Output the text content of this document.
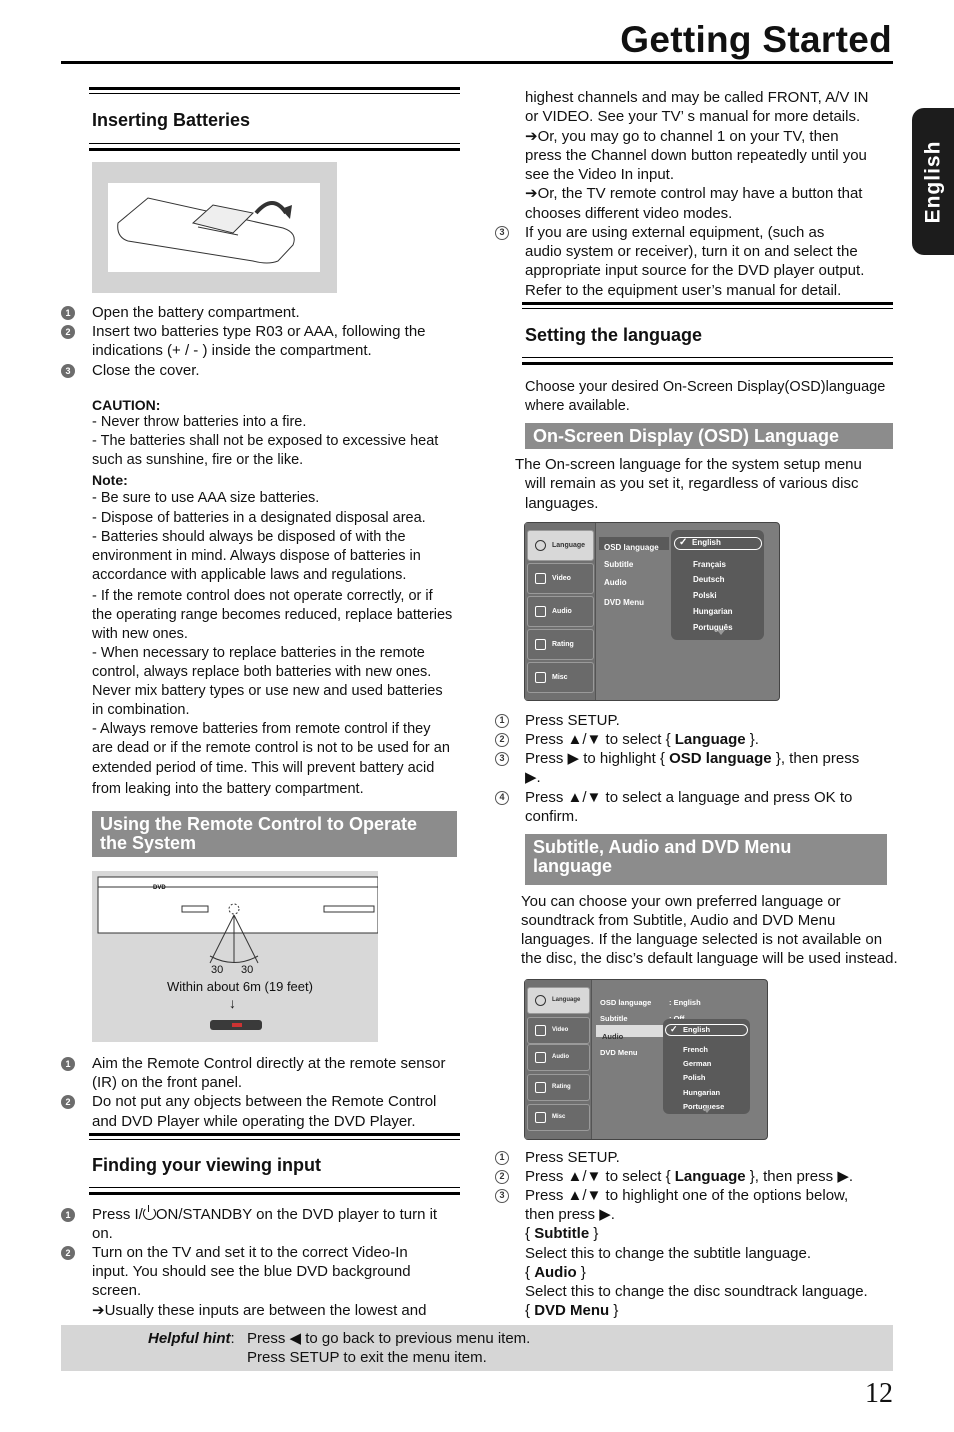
Getting Started
English
Inserting Batteries
1	Open the battery compartment.
2	Insert two batteries type R03 or AAA, following the
indications (+ / - ) inside the compartment.
3	Close the cover.
CAUTION:
- Never throw batteries into a fire.
- The batteries shall not be exposed to excessive heat
such as sunshine, fire or the like.
Note:
- Be sure to use AAA size batteries.
- Dispose of batteries in a designated disposal area.
- Batteries should always be disposed of with the
environment in mind. Always dispose of batteries in
accordance with applicable laws and regulations.
- If the remote control does not operate correctly, or if
the operating range becomes reduced, replace batteries
with new ones.
- When necessary to replace batteries in the remote
control, always replace both batteries with new ones.
Never mix battery types or use new and used batteries
in combination.
- Always remove batteries from remote control if they
are dead or if the remote control is not to be used for an
extended period of time. This will prevent battery acid
from leaking into the battery compartment.
Using the Remote Control to Operate
the System
DVD
30 30
Within about 6m (19 feet)
↓
1	Aim the Remote Control directly at the remote sensor
(IR) on the front panel.
2	Do not put any objects between the Remote Control
and DVD Player while operating the DVD Player.
Finding your viewing input
1	Press I/ ON/STANDBY on the DVD player to turn it
on.
2	Turn on the TV and set it to the correct Video-In
input. You should see the blue DVD background
screen.
➔Usually these inputs are between the lowest and
highest channels and may be called FRONT, A/V IN
or VIDEO. See your TV’ s manual for more details.
➔Or, you may go to channel 1 on your TV, then
press the Channel down button repeatedly until you
see the Video In input.
➔Or, the TV remote control may have a button that
chooses different video modes.
3	If you are using external equipment, (such as
audio system or receiver), turn it on and select the
appropriate input source for the DVD player output.
Refer to the equipment user’s manual for detail.
Setting the language
Choose your desired On-Screen Display(OSD)language
where available.
On-Screen Display (OSD) Language
The On-screen language for the system setup menu
will remain as you set it, regardless of various disc
languages.
Language
Video
Audio
Rating
Misc
OSD language
Subtitle
Audio
DVD Menu
English
✓
Français
Deutsch
Polski
Hungarian
Português
1	Press SETUP.
2	Press ▲/▼ to select { Language }.
3	Press ▶ to highlight { OSD language }, then press
▶.
4	Press ▲/▼ to select a language and press OK to
confirm.
Subtitle, Audio and DVD Menu
language
You can choose your own preferred language or
soundtrack from Subtitle, Audio and DVD Menu
languages. If the language selected is not available on
the disc, the disc’s default language will be used instead.
Language
Video
Audio
Rating
Misc
OSD language : English
Subtitle
Audio
DVD Menu
English
✓
French
German
Polish
Hungarian
Portuguese
1	Press SETUP.
2	Press ▲/▼ to select { Language }, then press ▶.
3	Press ▲/▼ to highlight one of the options below,
then press ▶.
{ Subtitle }
Select this to change the subtitle language.
{ Audio }
Select this to change the disc soundtrack language.
{ DVD Menu }
Helpful hint: Press ◀ to go back to previous menu item.
Press SETUP to exit the menu item.
12
